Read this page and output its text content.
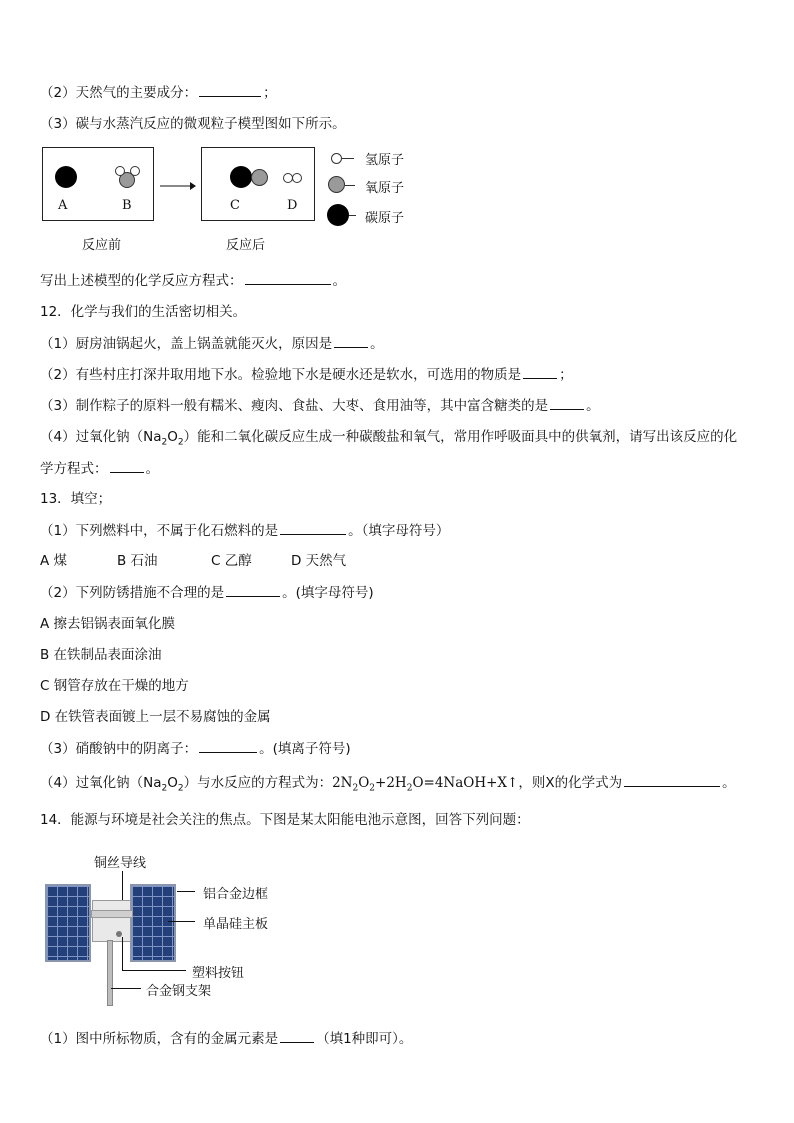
（2）天然气的主要成分：	；
（3）碳与水蒸汽反应的微观粒子模型图如下所示。
A	B	C	D
反应前	反应后
氢原子
氧原子
碳原子
写出上述模型的化学反应方程式：	。
12．化学与我们的生活密切相关。
（1）厨房油锅起火，盖上锅盖就能灭火，原因是	。
（2）有些村庄打深井取用地下水。检验地下水是硬水还是软水，可选用的物质是	；
（3）制作粽子的原料一般有糯米、瘦肉、食盐、大枣、食用油等，其中富含糖类的是	。
（4）过氧化钠$(Na_2O_2)$能和二氧化碳反应生成一种碳酸盐和氧气，常用作呼吸面具中的供氧剂，请写出该反应的化
学方程式：	。
13．填空；
（1）下列燃料中，不属于化石燃料的是	。（填字母符号）
A 煤	B 石油	C 乙醇	D 天然气
（2）下列防锈措施不合理的是	。(填字母符号)
A 擦去铝锅表面氧化膜
B 在铁制品表面涂油
C 钢管存放在干燥的地方
D 在铁管表面镀上一层不易腐蚀的金属
（3）硝酸钠中的阴离子：	。(填离子符号)
（4）过氧化钠$(Na_2O_2)$与水反应的方程式为：$2N_2O_2+2H_2O=4NaOH+X↑$，则X的化学式为	。
14．能源与环境是社会关注的焦点。下图是某太阳能电池示意图，回答下列问题：
铜丝导线
铝合金边框
单晶硅主板
塑料按钮
合金钢支架
（1）图中所标物质，含有的金属元素是	（填1种即可）。
